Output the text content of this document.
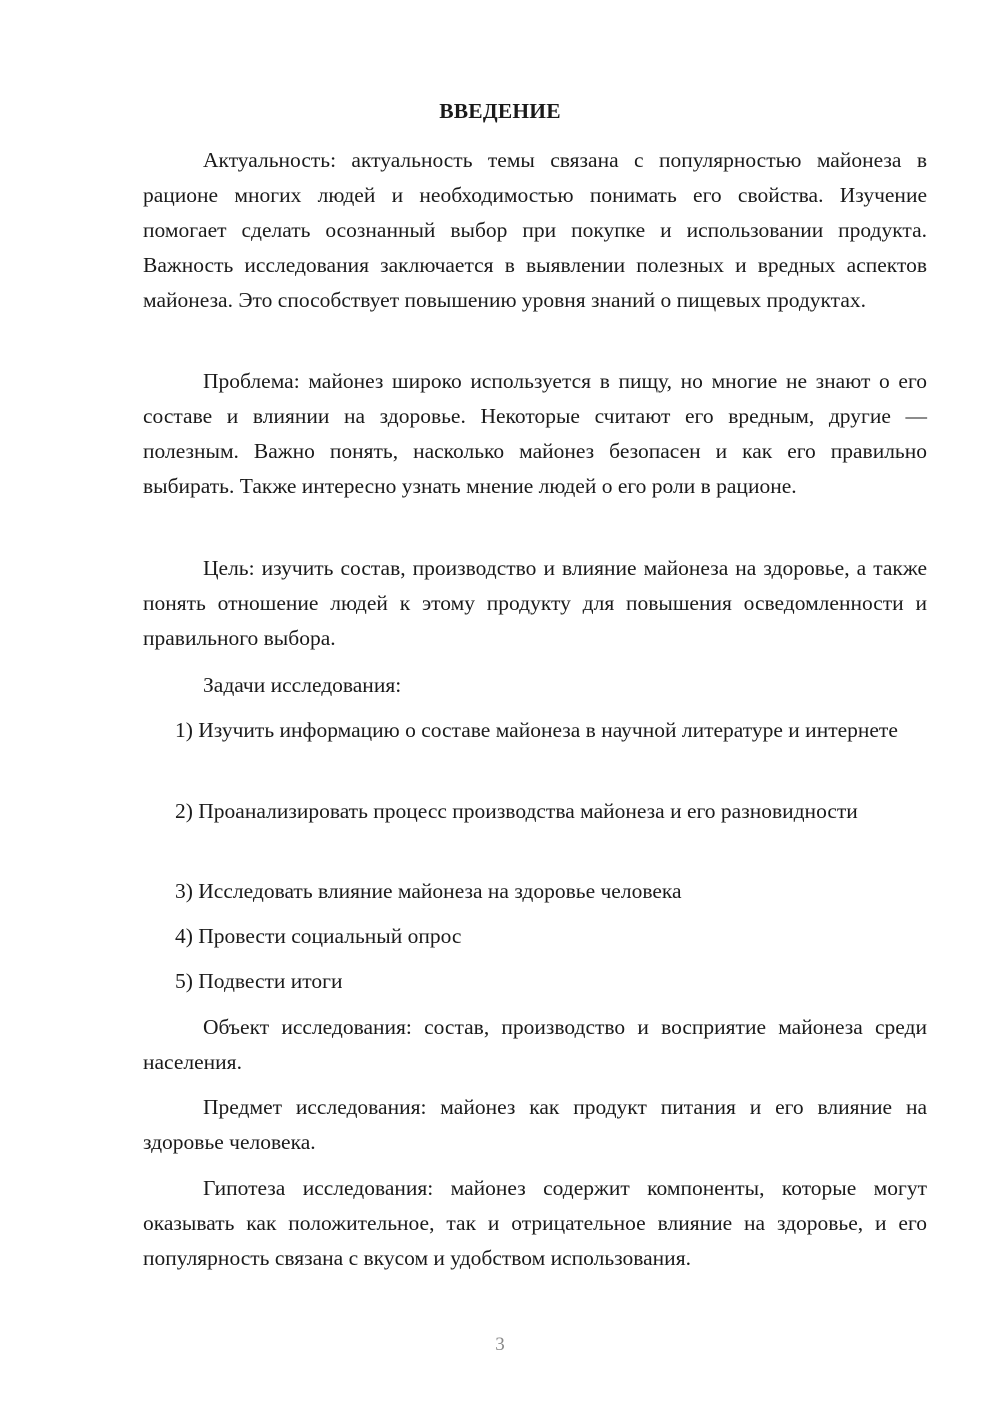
ВВЕДЕНИЕ

Актуальность: актуальность темы связана с популярностью майонеза в рационе многих людей и необходимостью понимать его свойства. Изучение помогает сделать осознанный выбор при покупке и использовании продукта. Важность исследования заключается в выявлении полезных и вредных аспектов майонеза. Это способствует повышению уровня знаний о пищевых продуктах.

Проблема: майонез широко используется в пищу, но многие не знают о его составе и влиянии на здоровье. Некоторые считают его вредным, другие — полезным. Важно понять, насколько майонез безопасен и как его правильно выбирать. Также интересно узнать мнение людей о его роли в рационе.

Цель: изучить состав, производство и влияние майонеза на здоровье, а также понять отношение людей к этому продукту для повышения осведомленности и правильного выбора.

Задачи исследования:

1) Изучить информацию о составе майонеза в научной литературе и интернете

2) Проанализировать процесс производства майонеза и его разновидности

3) Исследовать влияние майонеза на здоровье человека

4) Провести социальный опрос

5) Подвести итоги

Объект исследования: состав, производство и восприятие майонеза среди населения.

Предмет исследования: майонез как продукт питания и его влияние на здоровье человека.

Гипотеза исследования: майонез содержит компоненты, которые могут оказывать как положительное, так и отрицательное влияние на здоровье, и его популярность связана с вкусом и удобством использования.

3
